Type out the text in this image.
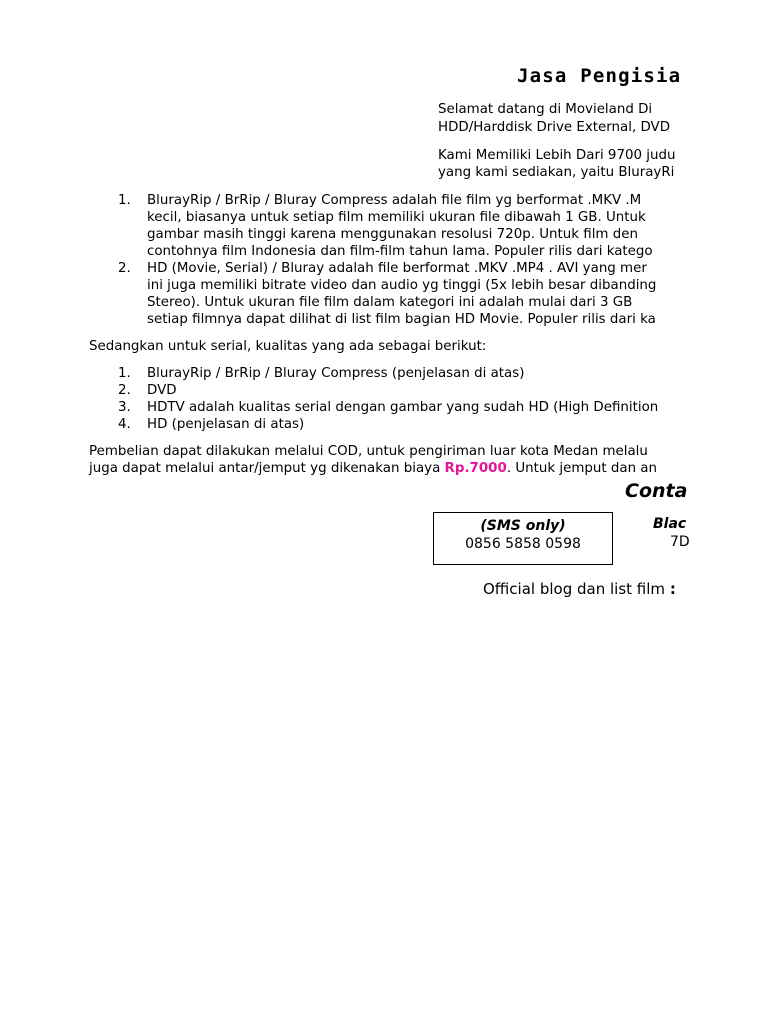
Jasa Pengisia
Selamat datang di Movieland Di
HDD/Harddisk Drive External, DVD
Kami Memiliki Lebih Dari 9700 judu
yang kami sediakan, yaitu BlurayRi
1. BlurayRip / BrRip / Bluray Compress adalah file film yg berformat .MKV .M
kecil, biasanya untuk setiap film memiliki ukuran file dibawah 1 GB. Untuk
gambar masih tinggi karena menggunakan resolusi 720p. Untuk film den
contohnya film Indonesia dan film-film tahun lama. Populer rilis dari katego
2. HD (Movie, Serial) / Bluray adalah file berformat .MKV .MP4 . AVI yang mer
ini juga memiliki bitrate video dan audio yg tinggi (5x lebih besar dibanding
Stereo). Untuk ukuran file film dalam kategori ini adalah mulai dari 3 GB
setiap filmnya dapat dilihat di list film bagian HD Movie. Populer rilis dari ka
Sedangkan untuk serial, kualitas yang ada sebagai berikut:
1. BlurayRip / BrRip / Bluray Compress (penjelasan di atas)
2. DVD
3. HDTV adalah kualitas serial dengan gambar yang sudah HD (High Definition
4. HD (penjelasan di atas)
Pembelian dapat dilakukan melalui COD, untuk pengiriman luar kota Medan melalu
juga dapat melalui antar/jemput yg dikenakan biaya Rp.7000. Untuk jemput dan an
Conta
(SMS only)
0856 5858 0598
Blac
7D
Official blog dan list film :
